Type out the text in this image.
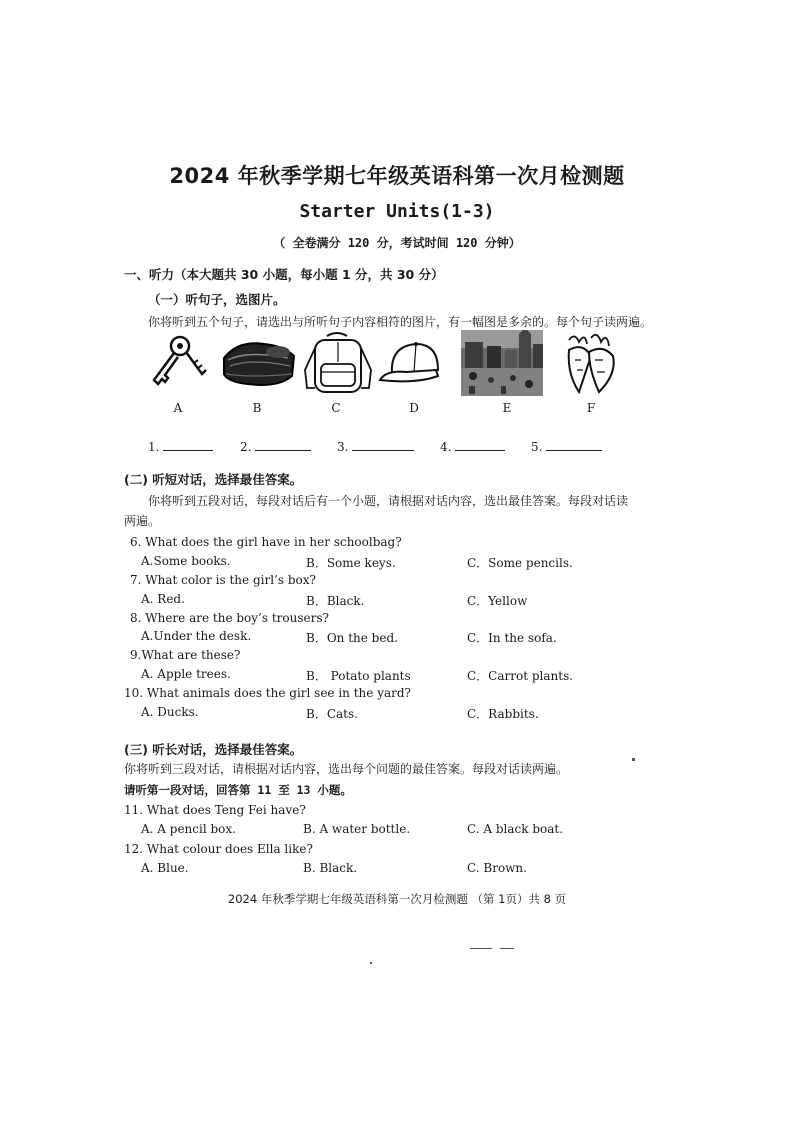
2024 年秋季学期七年级英语科第一次月检测题
Starter Units(1-3)
（ 全卷满分 120 分，考试时间 120 分钟）
一、听力（本大题共 30 小题，每小题 1 分，共 30 分）
（一）听句子，选图片。
你将听到五个句子，请选出与所听句子内容相符的图片，有一幅图是多余的。每个句子读两遍。
A	B	C	D	E	F
1.	2.	3.	4.	5.
(二) 听短对话，选择最佳答案。
你将听到五段对话，每段对话后有一个小题，请根据对话内容，选出最佳答案。每段对话读
两遍。
6. What does the girl have in her schoolbag?
A.Some books.	B．Some keys.	C．Some pencils.
7. What color is the girl’s box?
A. Red.	B．Black.	C．Yellow
8. Where are the boy’s trousers?
A.Under the desk.	B．On the bed.	C．In the sofa.
9.What are these?
A. Apple trees.	B． Potato plants	C．Carrot plants.
10. What animals does the girl see in the yard?
A. Ducks.	B．Cats.	C．Rabbits.
(三) 听长对话，选择最佳答案。
你将听到三段对话，请根据对话内容，选出每个问题的最佳答案。每段对话读两遍。
请听第一段对话，回答第 11 至 13 小题。
11. What does Teng Fei have?
A. A pencil box.	B. A water bottle.	C. A black boat.
12. What colour does Ella like?
A. Blue.	B. Black.	C. Brown.
2024 年秋季学期七年级英语科第一次月检测题 （第 1页）共 8 页
